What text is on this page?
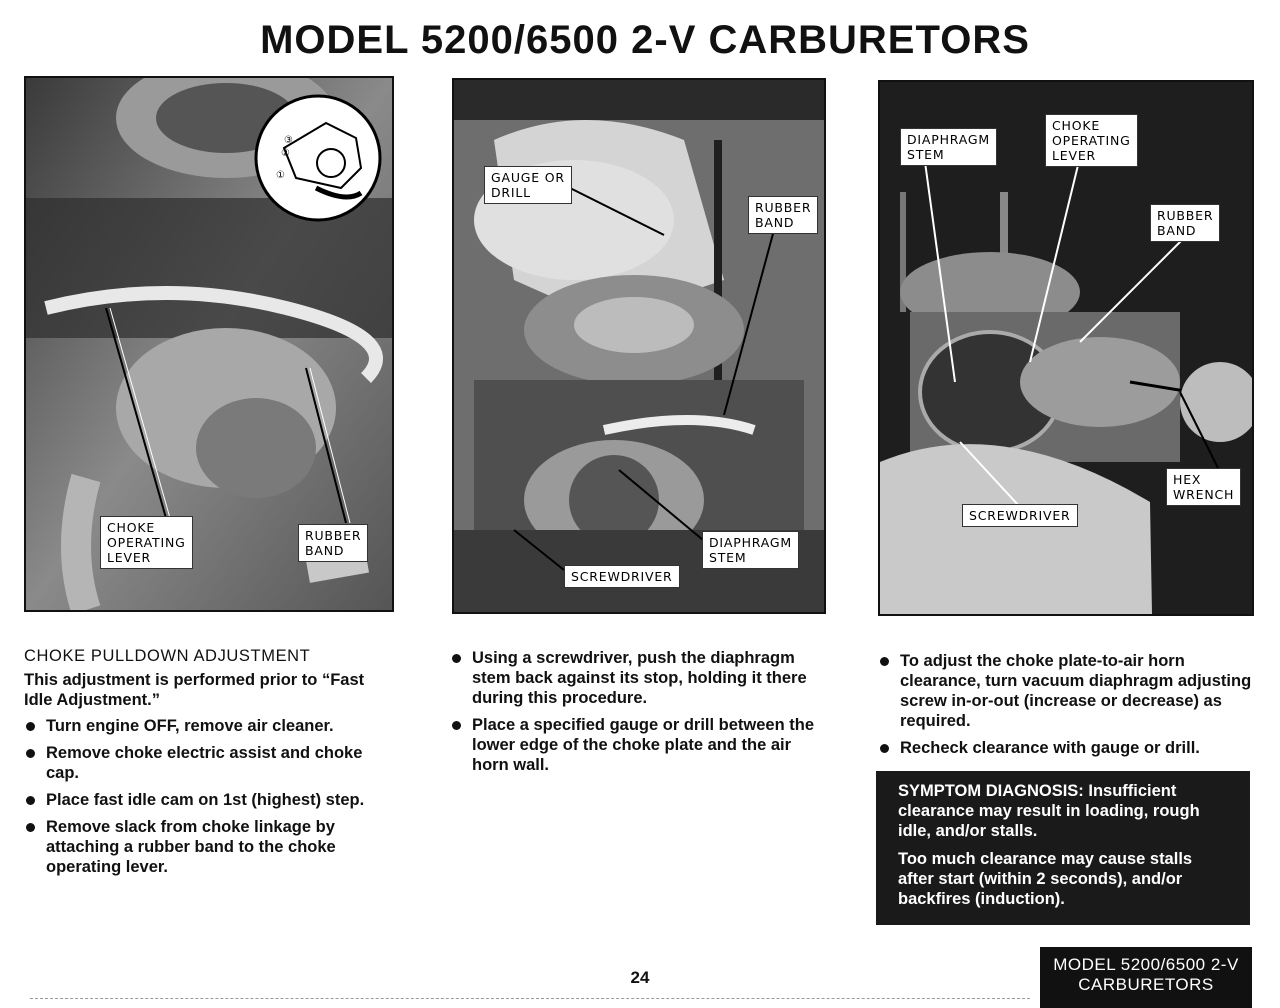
MODEL 5200/6500 2-V CARBURETORS
③
②
①
CHOKE
OPERATING
LEVER
RUBBER
BAND
GAUGE OR
DRILL
RUBBER
BAND
DIAPHRAGM
STEM
SCREWDRIVER
DIAPHRAGM
STEM
CHOKE
OPERATING
LEVER
RUBBER
BAND
HEX
WRENCH
SCREWDRIVER
CHOKE PULLDOWN ADJUSTMENT

This adjustment is performed prior to “Fast Idle Adjustment.”

Turn engine OFF, remove air cleaner.
Remove choke electric assist and choke cap.
Place fast idle cam on 1st (highest) step.
Remove slack from choke linkage by attaching a rubber band to the choke operating lever.
Using a screwdriver, push the diaphragm stem back against its stop, holding it there during this procedure.
Place a specified gauge or drill between the lower edge of the choke plate and the air horn wall.
To adjust the choke plate-to-air horn clearance, turn vacuum diaphragm adjusting screw in-or-out (increase or decrease) as required.
Recheck clearance with gauge or drill.

SYMPTOM DIAGNOSIS: Insufficient clearance may result in loading, rough idle, and/or stalls.

Too much clearance may cause stalls after start (within 2 seconds), and/or backfires (induction).

24
MODEL 5200/6500 2-V
CARBURETORS
